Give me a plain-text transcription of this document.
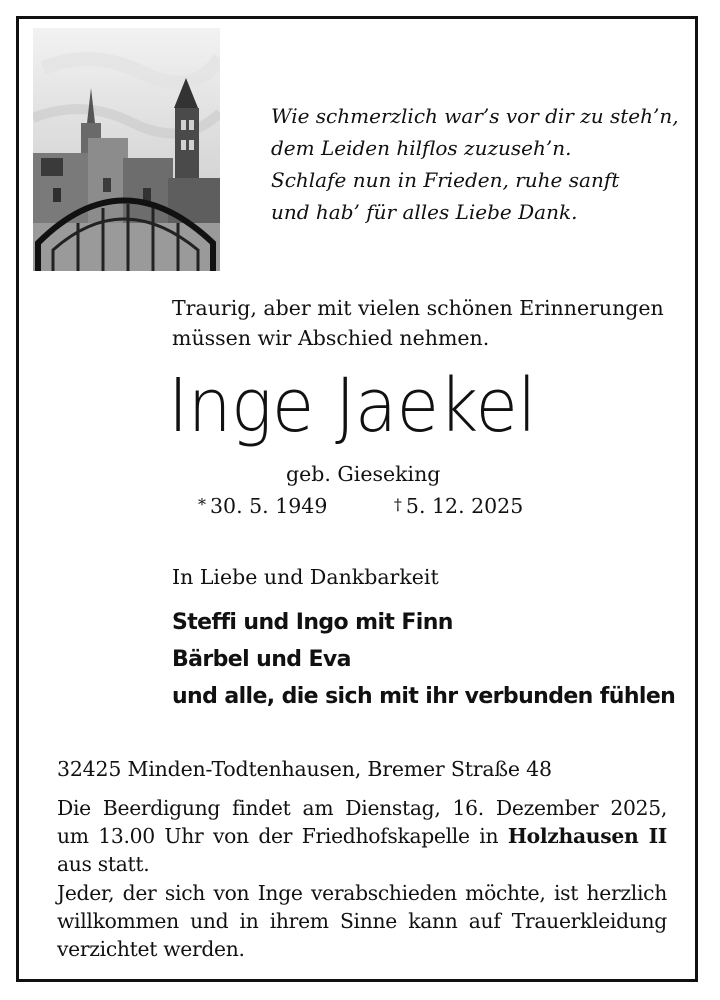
Wie schmerzlich war’s vor dir zu steh’n,
dem Leiden hilflos zuzuseh’n.
Schlafe nun in Frieden, ruhe sanft
und hab’ für alles Liebe Dank.
Traurig, aber mit vielen schönen Erinnerungen
müssen wir Abschied nehmen.
Inge Jaekel
geb. Gieseking
* 30. 5. 1949	† 5. 12. 2025
In Liebe und Dankbarkeit
Steffi und Ingo mit Finn
Bärbel und Eva
und alle, die sich mit ihr verbunden fühlen
32425 Minden-Todtenhausen, Bremer Straße 48
Die Beerdigung findet am Dienstag, 16. Dezember 2025,
um 13.00 Uhr von der Friedhofskapelle in Holzhausen II
aus statt.
Jeder, der sich von Inge verabschieden möchte, ist herzlich
willkommen und in ihrem Sinne kann auf Trauerkleidung
verzichtet werden.
